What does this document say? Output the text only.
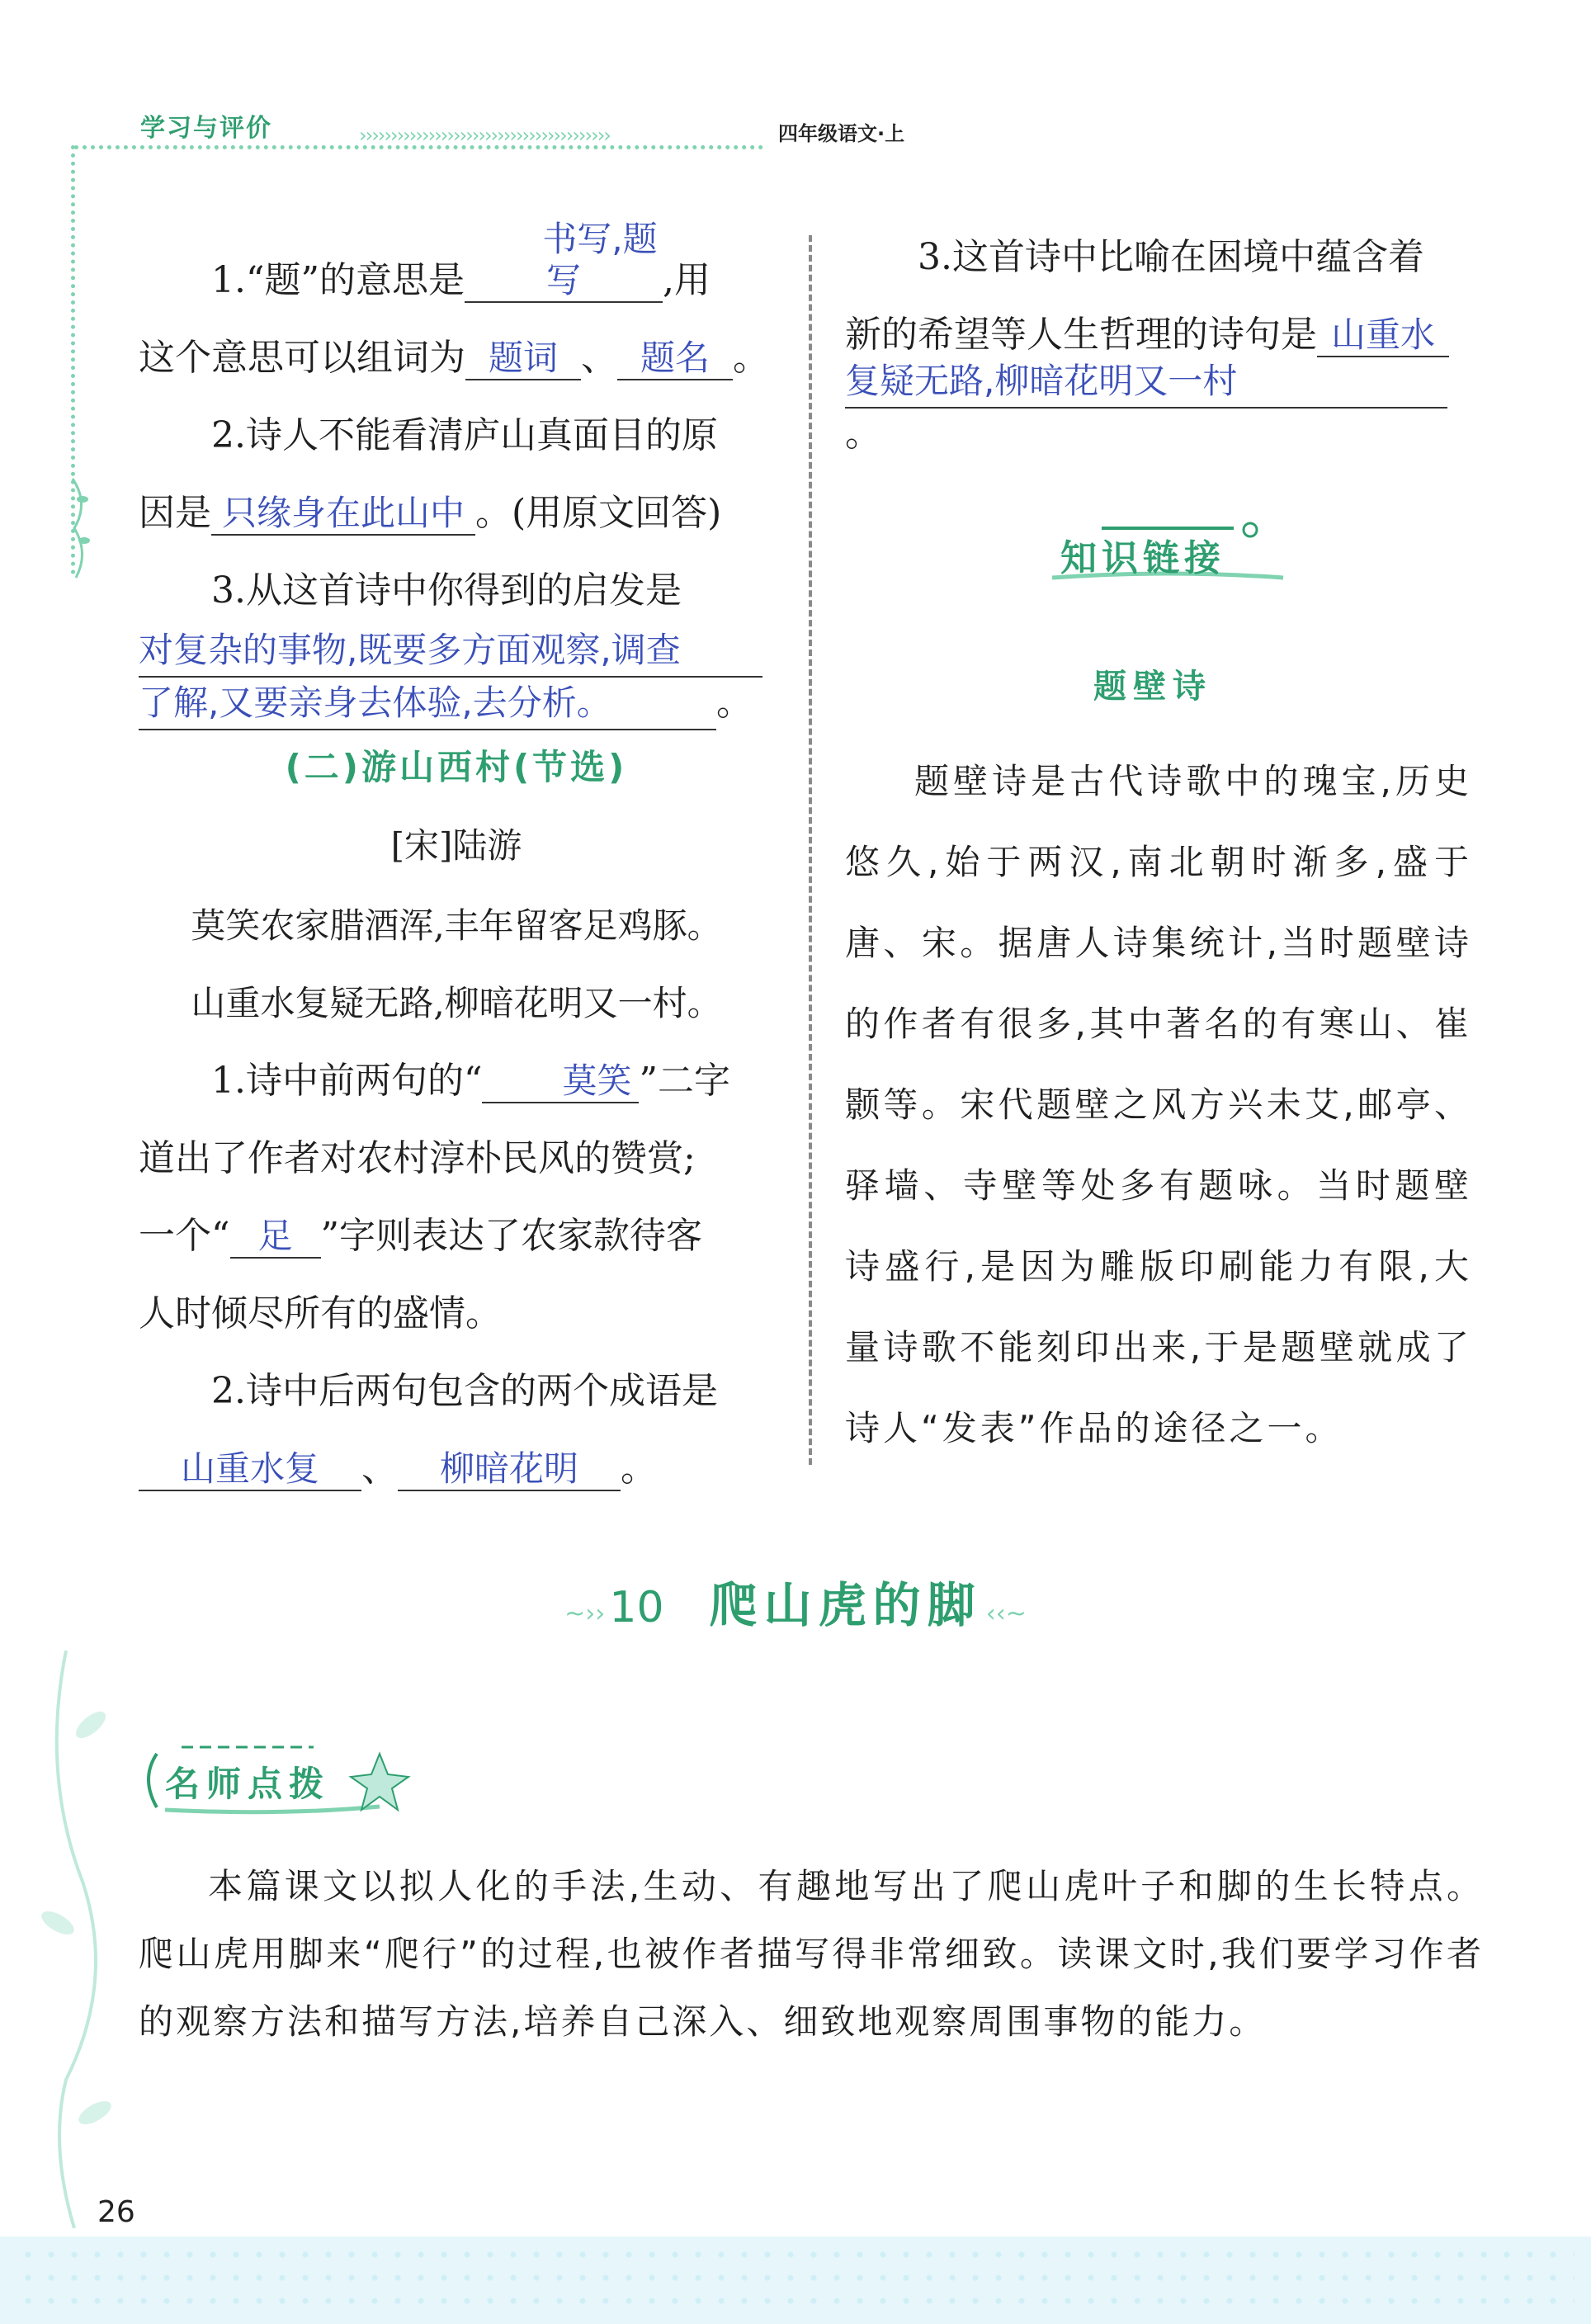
学习与评价	››››››››››››››››››››››››››››››››››››››››	四年级语文·上

1.“题”的意思是书写,题写 ,用

这个意思可以组词为 题词 、 题名 。

2.诗人不能看清庐山真面目的原

因是 只缘身在此山中 。(用原文回答)

3.从这首诗中你得到的启发是

对复杂的事物,既要多方面观察,调查
了解,又要亲身去体验,去分析。	。

(二)游山西村(节选)

[宋]陆游

莫笑农家腊酒浑,丰年留客足鸡豚。

山重水复疑无路,柳暗花明又一村。

1.诗中前两句的“ 莫笑 ”二字

道出了作者对农村淳朴民风的赞赏;

一个“ 足 ”字则表达了农家款待客

人时倾尽所有的盛情。

2.诗中后两句包含的两个成语是

山重水复 、 柳暗花明 。

3.这首诗中比喻在困境中蕴含着

新的希望等人生哲理的诗句是 山重水

复疑无路,柳暗花明又一村。
知识链接
题壁诗

题壁诗是古代诗歌中的瑰宝,历史悠久,始于两汉,南北朝时渐多,盛于唐、宋。据唐人诗集统计,当时题壁诗的作者有很多,其中著名的有寒山、崔颢等。宋代题壁之风方兴未艾,邮亭、驿墙、寺壁等处多有题咏。当时题壁诗盛行,是因为雕版印刷能力有限,大量诗歌不能刻印出来,于是题壁就成了诗人“发表”作品的途径之一。

~›› 10 爬山虎的脚 ‹‹~
名师点拨

本篇课文以拟人化的手法,生动、有趣地写出了爬山虎叶子和脚的生长特点。爬山虎用脚来“爬行”的过程,也被作者描写得非常细致。读课文时,我们要学习作者的观察方法和描写方法,培养自己深入、细致地观察周围事物的能力。

26
